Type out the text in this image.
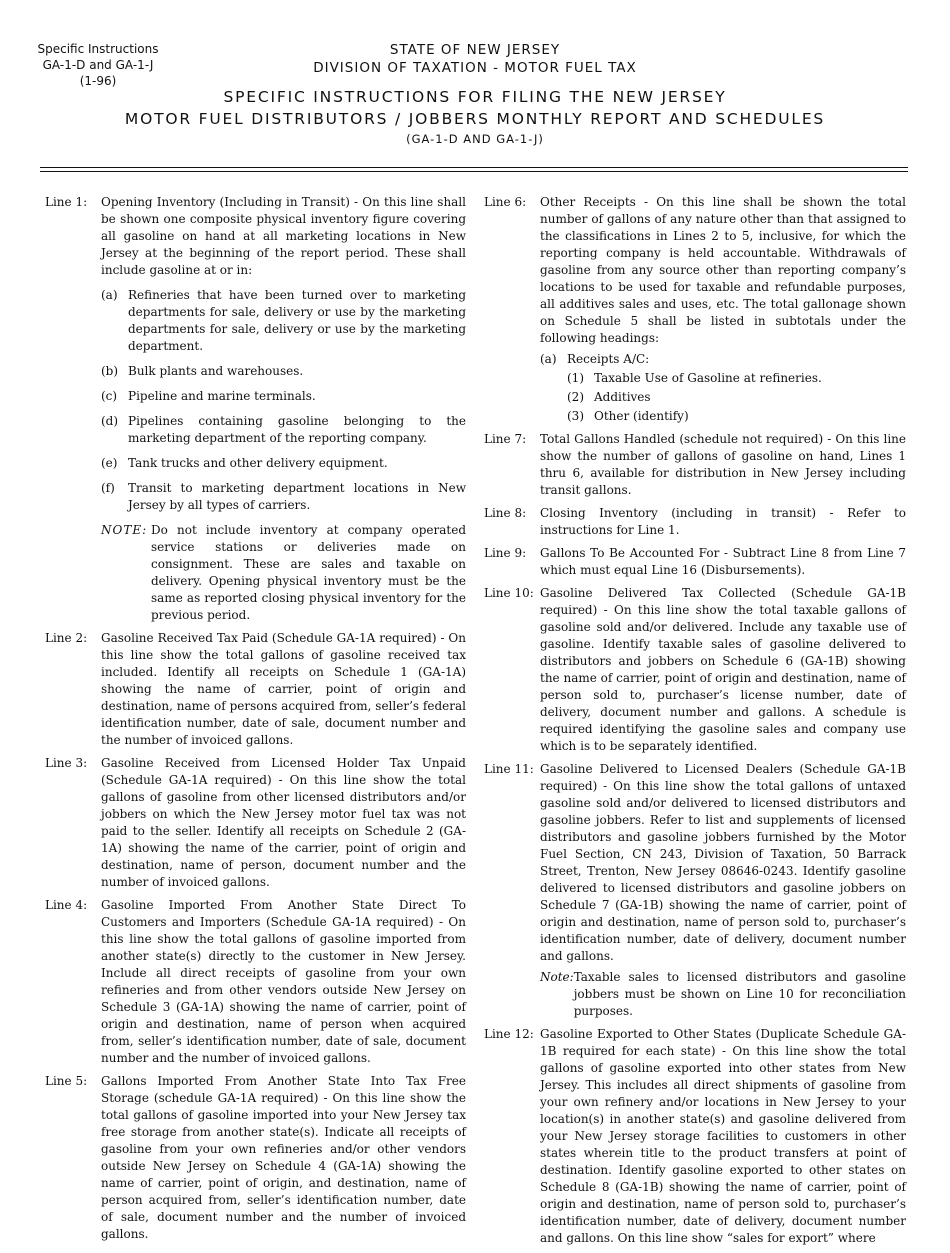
Specific Instructions
GA-1-D and GA-1-J
(1-96)
STATE OF NEW JERSEY
DIVISION OF TAXATION - MOTOR FUEL TAX
SPECIFIC INSTRUCTIONS FOR FILING THE NEW JERSEY
MOTOR FUEL DISTRIBUTORS / JOBBERS MONTHLY REPORT AND SCHEDULES
(GA-1-D AND GA-1-J)
Line 1:	Opening Inventory (Including in Transit) - On this line shall be shown one composite physical inventory figure covering all gasoline on hand at all marketing locations in New Jersey at the beginning of the report period. These shall include gasoline at or in:

(a) Refineries that have been turned over to marketing departments for sale, delivery or use by the marketing departments for sale, delivery or use by the marketing department.
(b) Bulk plants and warehouses.
(c) Pipeline and marine terminals.
(d) Pipelines containing gasoline belonging to the marketing department of the reporting company.
(e) Tank trucks and other delivery equipment.
(f)	Transit to marketing department locations in New Jersey by all types of carriers.
NOTE: Do not include inventory at company operated service stations or deliveries made on consignment. These are sales and taxable on delivery. Opening physical inventory must be the same as reported closing physical inventory for the previous period.
Line 2:	Gasoline Received Tax Paid (Schedule GA-1A required) - On this line show the total gallons of gasoline received tax included. Identify all receipts on Schedule 1 (GA-1A) showing the name of carrier, point of origin and destination, name of persons acquired from, seller’s federal identification number, date of sale, document number and the number of invoiced gallons.
Line 3:	Gasoline Received from Licensed Holder Tax Unpaid (Schedule GA-1A required) - On this line show the total gallons of gasoline from other licensed distributors and/or jobbers on which the New Jersey motor fuel tax was not paid to the seller. Identify all receipts on Schedule 2 (GA-1A) showing the name of the carrier, point of origin and destination, name of person, document number and the number of invoiced gallons.
Line 4:	Gasoline Imported From Another State Direct To Customers and Importers (Schedule GA-1A required) - On this line show the total gallons of gasoline imported from another state(s) directly to the customer in New Jersey. Include all direct receipts of gasoline from your own refineries and from other vendors outside New Jersey on Schedule 3 (GA-1A) showing the name of carrier, point of origin and destination, name of person when acquired from, seller’s identification number, date of sale, document number and the number of invoiced gallons.
Line 5:	Gallons Imported From Another State Into Tax Free Storage (schedule GA-1A required) - On this line show the total gallons of gasoline imported into your New Jersey tax free storage from another state(s). Indicate all receipts of gasoline from your own refineries and/or other vendors outside New Jersey on Schedule 4 (GA-1A) showing the name of carrier, point of origin, and destination, name of person acquired from, seller’s identification number, date of sale, document number and the number of invoiced gallons.
Line 6:	Other Receipts - On this line shall be shown the total number of gallons of any nature other than that assigned to the classifications in Lines 2 to 5, inclusive, for which the reporting company is held accountable. Withdrawals of gasoline from any source other than reporting company’s locations to be used for taxable and refundable purposes, all additives sales and uses, etc. The total gallonage shown on Schedule 5 shall be listed in subtotals under the following headings:

(a) Receipts A/C:
(1) Taxable Use of Gasoline at refineries.
(2) Additives
(3) Other (identify)
Line 7:	Total Gallons Handled (schedule not required) - On this line show the number of gallons of gasoline on hand, Lines 1 thru 6, available for distribution in New Jersey including transit gallons.
Line 8:	Closing Inventory (including in transit) - Refer to instructions for Line 1.
Line 9:	Gallons To Be Accounted For - Subtract Line 8 from Line 7 which must equal Line 16 (Disbursements).
Line 10: Gasoline Delivered Tax Collected (Schedule GA-1B required) - On this line show the total taxable gallons of gasoline sold and/or delivered. Include any taxable use of gasoline. Identify taxable sales of gasoline delivered to distributors and jobbers on Schedule 6 (GA-1B) showing the name of carrier, point of origin and destination, name of person sold to, purchaser’s license number, date of delivery, document number and gallons. A schedule is required identifying the gasoline sales and company use which is to be separately identified.
Line 11: Gasoline Delivered to Licensed Dealers (Schedule GA-1B required) - On this line show the total gallons of untaxed gasoline sold and/or delivered to licensed distributors and gasoline jobbers. Refer to list and supplements of licensed distributors and gasoline jobbers furnished by the Motor Fuel Section, CN 243, Division of Taxation, 50 Barrack Street, Trenton, New Jersey 08646-0243. Identify gasoline delivered to licensed distributors and gasoline jobbers on Schedule 7 (GA-1B) showing the name of carrier, point of origin and destination, name of person sold to, purchaser’s identification number, date of delivery, document number and gallons.

Note: Taxable sales to licensed distributors and gasoline jobbers must be shown on Line 10 for reconciliation purposes.
Line 12: Gasoline Exported to Other States (Duplicate Schedule GA-1B required for each state) - On this line show the total gallons of gasoline exported into other states from New Jersey. This includes all direct shipments of gasoline from your own refinery and/or locations in New Jersey to your location(s) in another state(s) and gasoline delivered from your New Jersey storage facilities to customers in other states wherein title to the product transfers at point of destination. Identify gasoline exported to other states on Schedule 8 (GA-1B) showing the name of carrier, point of origin and destination, name of person sold to, purchaser’s identification number, date of delivery, document number and gallons. On this line show “sales for export” where
